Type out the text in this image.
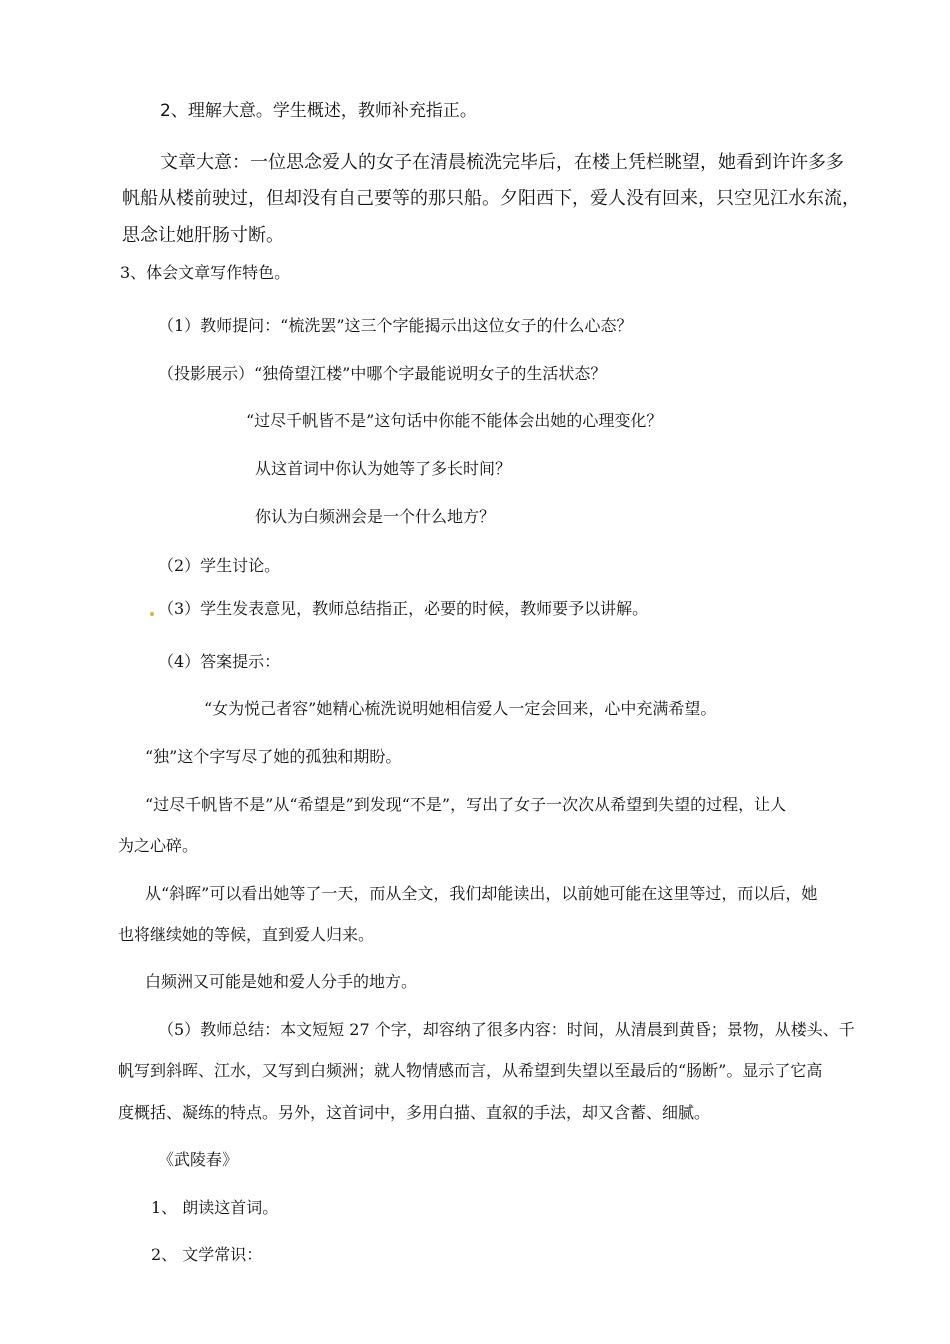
2、理解大意。学生概述，教师补充指正。
文章大意：一位思念爱人的女子在清晨梳洗完毕后，在楼上凭栏眺望，她看到许许多多
帆船从楼前驶过，但却没有自己要等的那只船。夕阳西下，爱人没有回来，只空见江水东流，
思念让她肝肠寸断。
3、体会文章写作特色。
（1）教师提问：“梳洗罢”这三个字能揭示出这位女子的什么心态？
（投影展示）“独倚望江楼”中哪个字最能说明女子的生活状态？
“过尽千帆皆不是”这句话中你能不能体会出她的心理变化？
从这首词中你认为她等了多长时间？
你认为白频洲会是一个什么地方？
（2）学生讨论。
（3）学生发表意见，教师总结指正，必要的时候，教师要予以讲解。
（4）答案提示：
“女为悦己者容”她精心梳洗说明她相信爱人一定会回来，心中充满希望。
“独”这个字写尽了她的孤独和期盼。
“过尽千帆皆不是”从“希望是”到发现“不是”，写出了女子一次次从希望到失望的过程，让人
为之心碎。
从“斜晖”可以看出她等了一天，而从全文，我们却能读出，以前她可能在这里等过，而以后，她
也将继续她的等候，直到爱人归来。
白频洲又可能是她和爱人分手的地方。
（5）教师总结：本文短短 27 个字，却容纳了很多内容：时间，从清晨到黄昏；景物，从楼头、千
帆写到斜晖、江水，又写到白频洲；就人物情感而言，从希望到失望以至最后的“肠断”。显示了它高
度概括、凝练的特点。另外，这首词中，多用白描、直叙的手法，却又含蓄、细腻。
《武陵春》
1、 朗读这首词。
2、 文学常识：
